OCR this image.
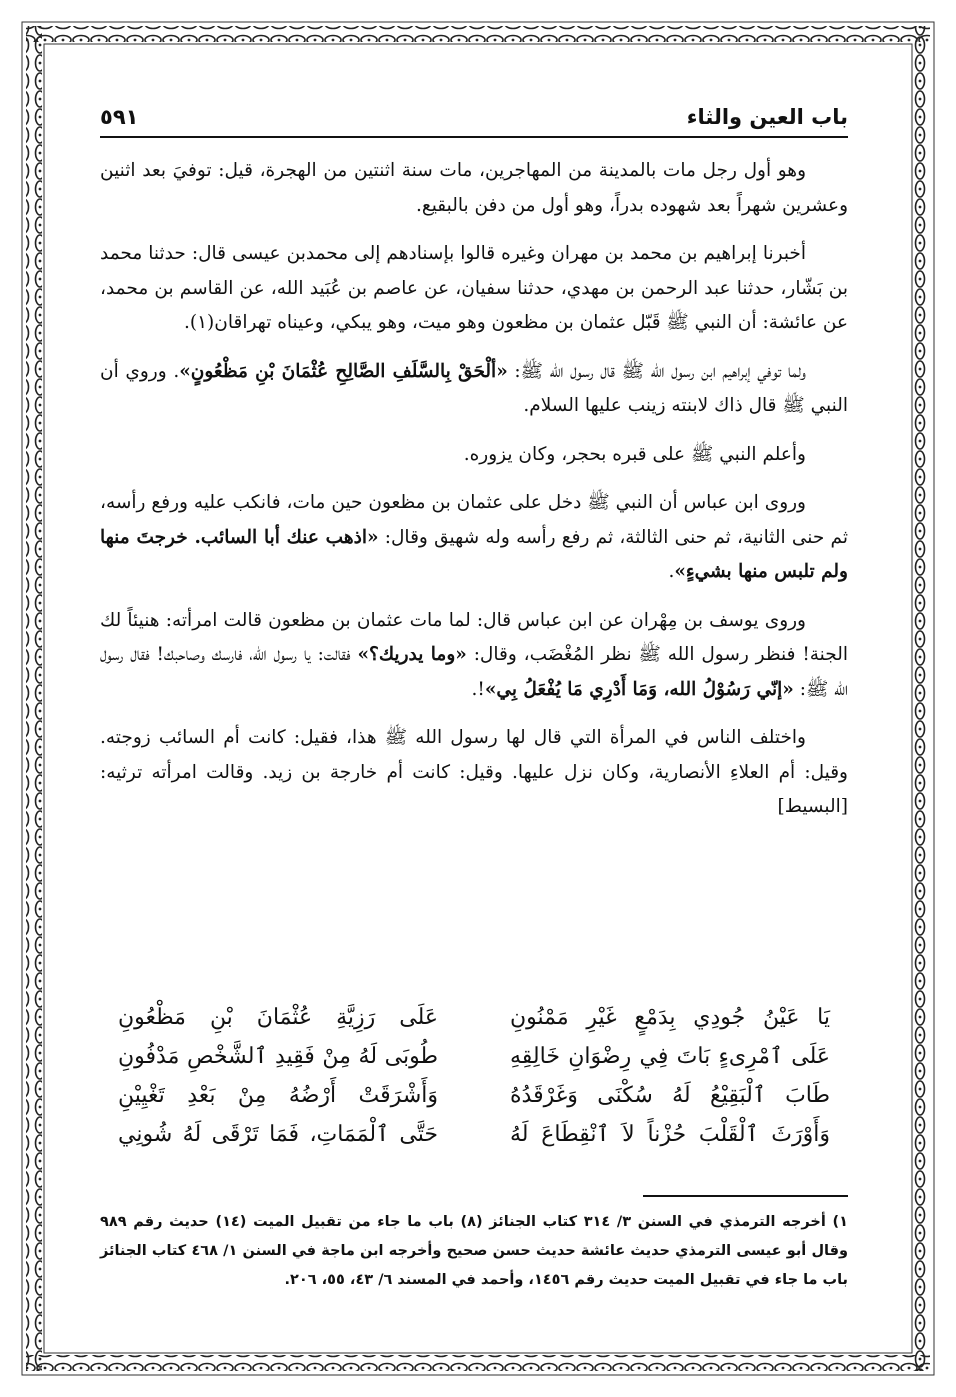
باب العين والثاء
٥٩١

وهو أول رجل مات بالمدينة من المهاجرين، مات سنة اثنتين من الهجرة، قيل: توفيَ بعد اثنين وعشرين شهراً بعد شهوده بدراً، وهو أول من دفن بالبقيع.

أخبرنا إبراهيم بن محمد بن مهران وغيره قالوا بإسنادهم إلى محمدبن عيسى قال: حدثنا محمد بن بَشّار، حدثنا عبد الرحمن بن مهدي، حدثنا سفيان، عن عاصم بن عُبَيد الله، عن القاسم بن محمد، عن عائشة: أن النبي ﷺ قَبّل عثمان بن مظعون وهو ميت، وهو يبكي، وعيناه تهراقان(١).

ولما توفي إبراهيم ابن رسول الله ﷺ قال رسول الله ﷺ: «ألْحَقْ بِالسَّلَفِ الصَّالِحِ عُثْمَانَ بْنِ مَظْعُونٍ». وروي أن النبي ﷺ قال ذاك لابنته زينب عليها السلام.

وأعلم النبي ﷺ على قبره بحجر، وكان يزوره.

وروى ابن عباس أن النبي ﷺ دخل على عثمان بن مظعون حين مات، فانكب عليه ورفع رأسه، ثم حنى الثانية، ثم حنى الثالثة، ثم رفع رأسه وله شهيق وقال: «اذهب عنك أبا السائب. خرجتَ منها ولم تلبس منها بشيءٍ».

وروى يوسف بن مِهْران عن ابن عباس قال: لما مات عثمان بن مظعون قالت امرأته: هنيئاً لك الجنة! فنظر رسول الله ﷺ نظر المُغْضَب، وقال: «وما يدريك؟» فقالت: يا رسول الله، فارسك وصاحبك! فقال رسول الله ﷺ: «إنّي رَسُوْلُ الله، وَمَا أَدْرِي مَا يُفْعَلُ بِي»!.

واختلف الناس في المرأة التي قال لها رسول الله ﷺ هذا، فقيل: كانت أم السائب زوجته. وقيل: أم العلاءِ الأنصارية، وكان نزل عليها. وقيل: كانت أم خارجة بن زيد. وقالت امرأته ترثيه: [البسيط]

يَا عَيْنُ جُودِي بِدَمْعٍ غَيْرِ مَمْنُونِ
عَلَى رَزِيَّةِ عُثْمَانَ بْنِ مَظْعُونِ
عَلَى ٱمْرِىءٍ بَاتَ فِي رِضْوَانِ خَالِقِهِ
طُوبَى لَهُ مِنْ فَقِيدِ ٱلشَّخْصِ مَدْفُونِ
طَابَ ٱلْبَقِيْعُ لَهُ سُكْنَى وَغَرْقَدُهُ
وَأَشْرَقَتْ أَرْضُهُ مِنْ بَعْدِ تَغْيِيْنِ
وَأَوْرَثَ ٱلْقَلْبَ حُزْناً لاَ ٱنْقِطَاعَ لَهُ
حَتَّى ٱلْمَمَاتِ، فَمَا تَرْقَى لَهُ شُونِي

١) أخرجه الترمذي في السنن ٣/ ٣١٤ كتاب الجنائز (٨) باب ما جاء من تقبيل الميت (١٤) حديث رقم ٩٨٩ وقال أبو عيسى الترمذي حديث عائشة حديث حسن صحيح وأخرجه ابن ماجة في السنن ١/ ٤٦٨ كتاب الجنائز باب ما جاء في تقبيل الميت حديث رقم ١٤٥٦، وأحمد في المسند ٦/ ٤٣، ٥٥، ٢٠٦.
